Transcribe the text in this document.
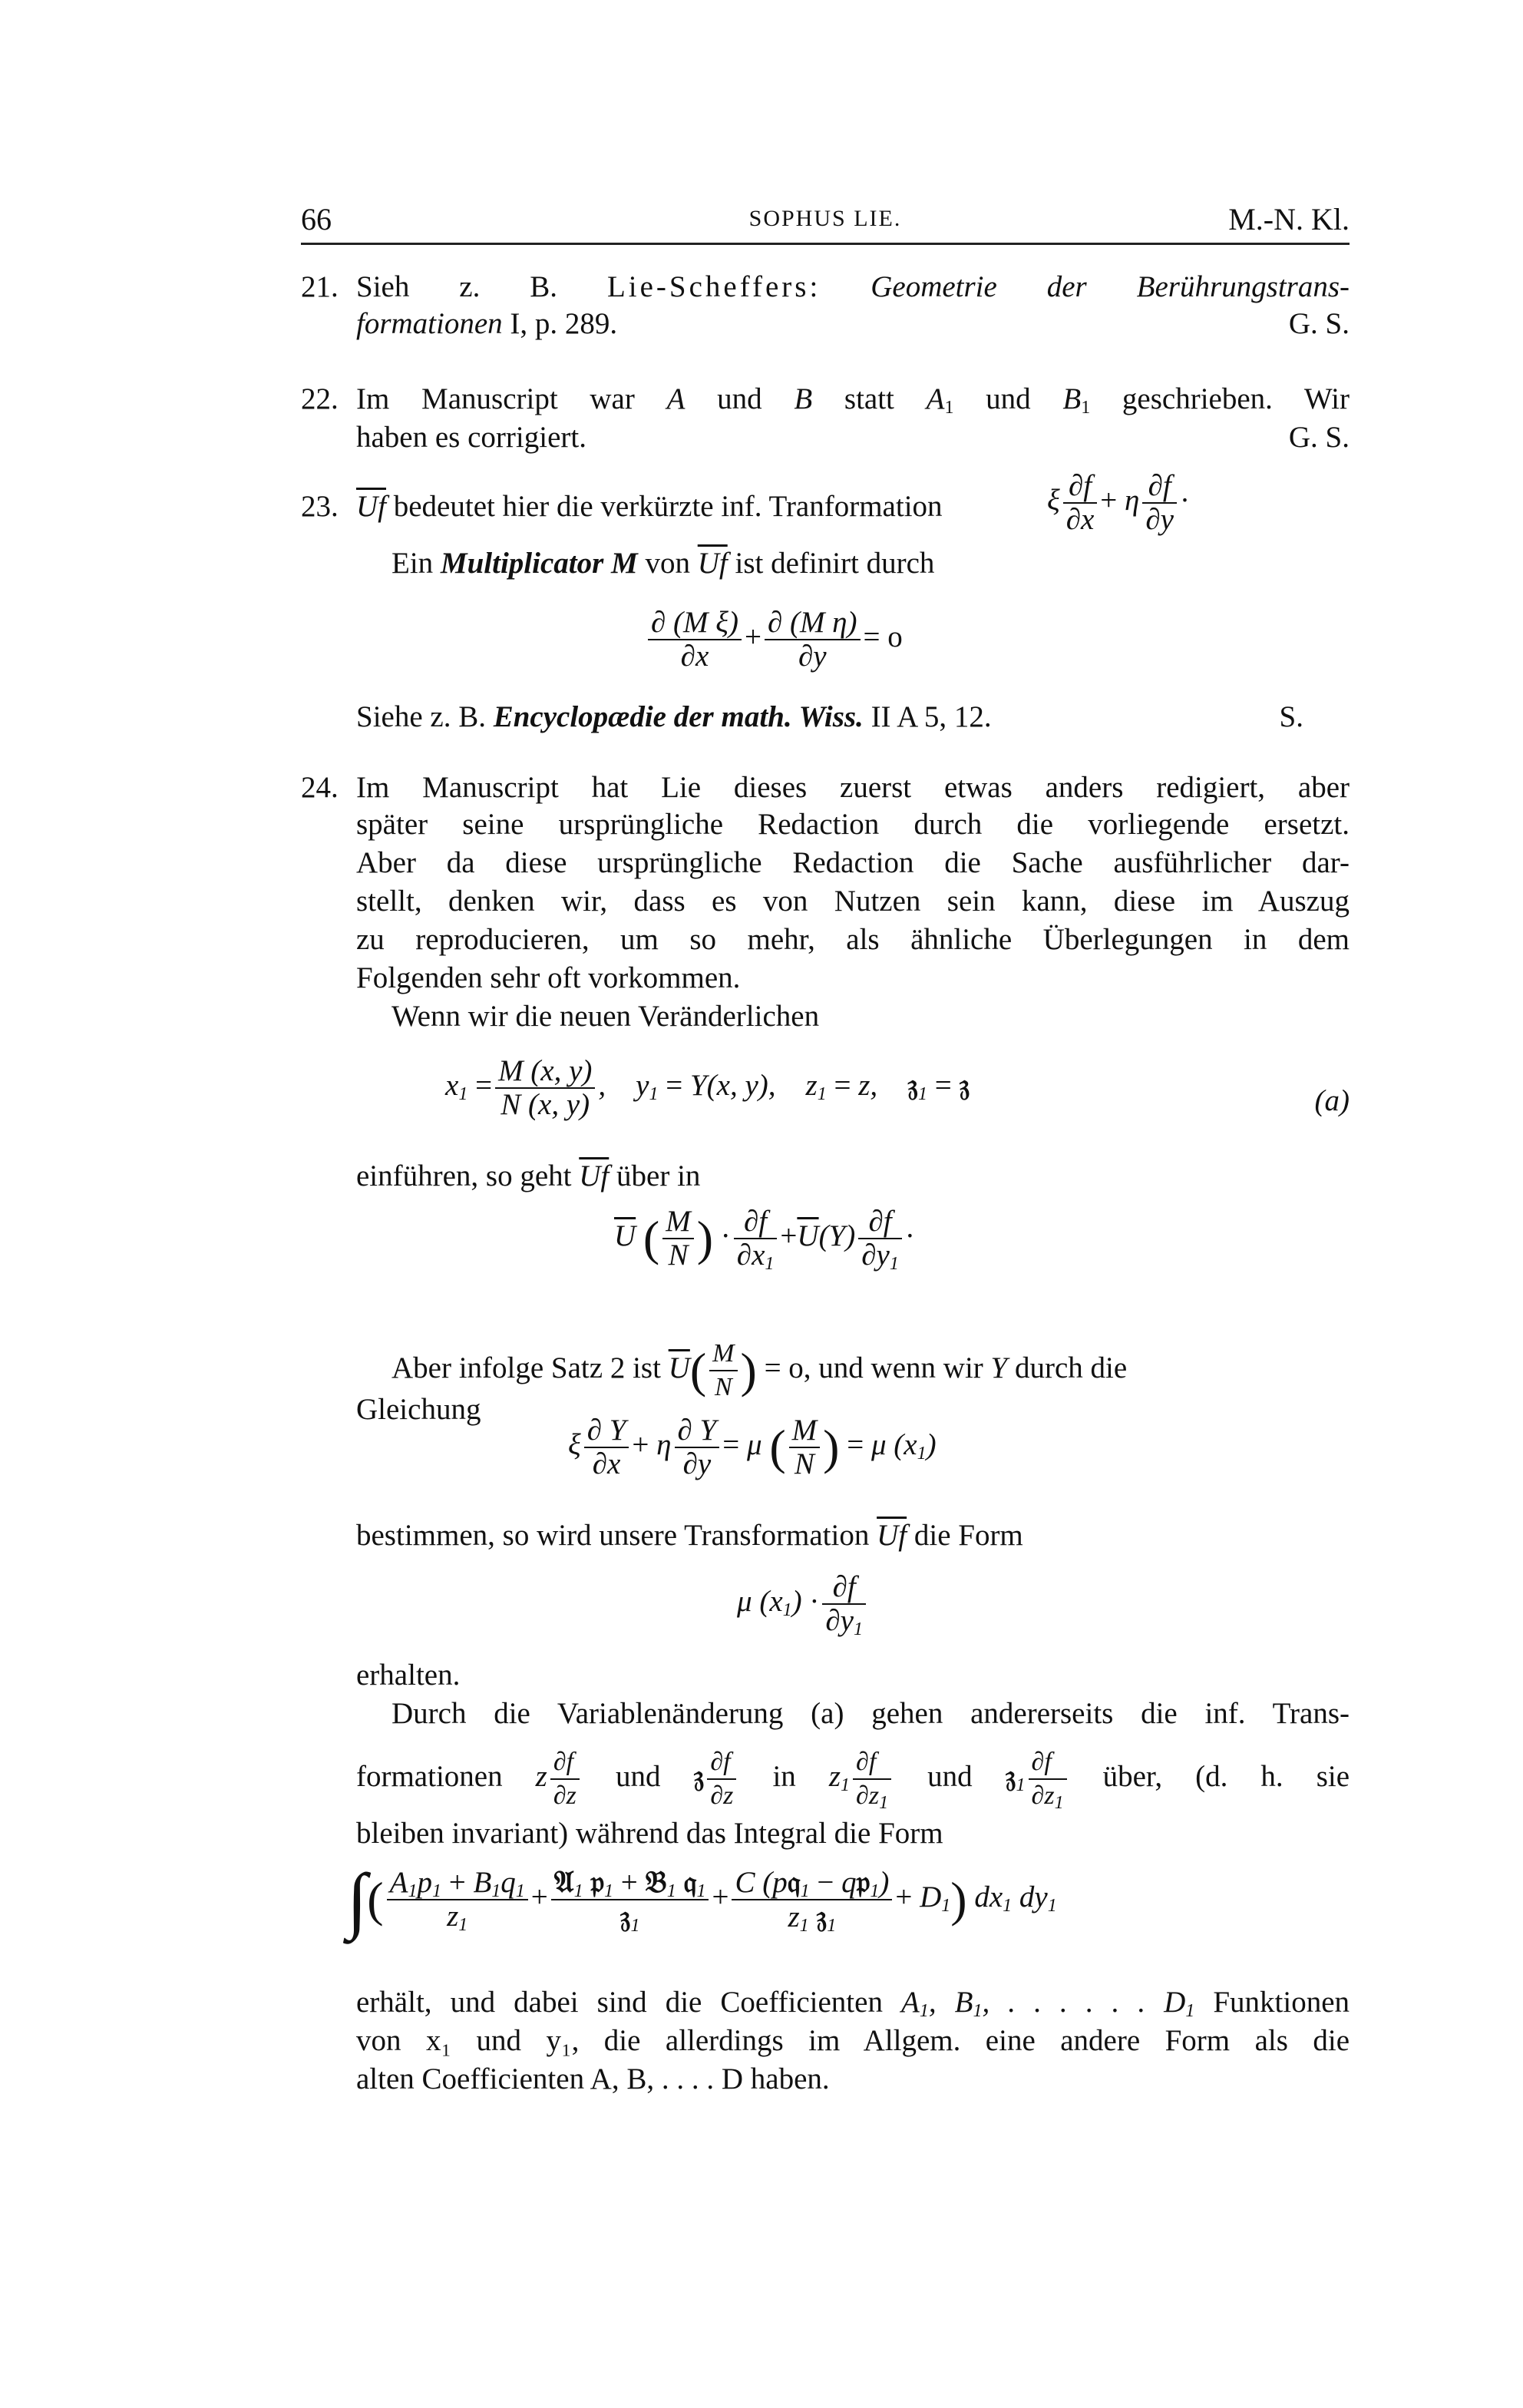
66	SOPHUS LIE.	M.-N. Kl.
21. Sieh z. B. Lie-Scheffers: Geometrie der Berührungstrans-
formationen I, p. 289.	G. S.
22. Im Manuscript war A und B statt $A_1$ und $B_1$ geschrieben. Wir
haben es corrigiert.	G. S.
23. $\overline{Uf}$ bedeutet hier die verkürzte inf. Tranformation	ξ $\frac{\partial f}{\partial x} + \eta \frac{\partial f}{\partial y}$ ·
Ein Multiplicator M von $\overline{Uf}$ ist definirt durch
$\frac{\text{∂ (M ξ)}}{\partial x} + \frac{\text{∂ (M η)}}{\partial y} = o$
Siehe z. B. Encyclopædie der math. Wiss. II A 5, 12.	S.
24. Im Manuscript hat Lie dieses zuerst etwas anders redigiert, aber
später seine ursprüngliche Redaction durch die vorliegende ersetzt.
Aber da diese ursprüngliche Redaction die Sache ausführlicher dar-
stellt, denken wir, dass es von Nutzen sein kann, diese im Auszug
zu reproducieren, um so mehr, als ähnliche Überlegungen in dem
Folgenden sehr oft vorkommen.
Wenn wir die neuen Veränderlichen
$x_1 = \frac{M (x, y)}{N (x, y)}$ ,    $y_1 = Y(x$, y),    $z_1 = z$,    𝔷$_1$ = 𝔷	(a)
einführen, so geht $\overline{Uf}$ über in
$\overline{U}$ ( $\frac{M}{N}$ ) · $\frac{\partial f}{\partial x_1} +\overline{U}(Y) \frac{\partial f}{\partial y_1}$ ·
Aber infolge Satz 2 ist $\overline{U}( \frac{M}{N}$ ) = o, und wenn wir Y durch die
Gleichung
ξ $\frac{\partial Y}{\partial x} + \eta \frac{\partial Y}{\partial y} = \mu$ ( $\frac{M}{N}$ ) = μ $(x_1)$
bestimmen, so wird unsere Transformation $\overline{Uf}$ die Form
μ $(x_1) \cdot \frac{\partial f}{\partial y_1}$
erhalten.
Durch die Variablenänderung (a) gehen andererseits die inf. Trans-
formationen z $\frac{\partial f}{\partial z}$ und 𝔷 $\frac{\partial f}{\partial z}$ in $z_1 \frac{\partial f}{\partial z_1}$ und 𝔷$_1$ $\frac{\partial f}{\partial z_1}$ über, (d. h. sie
bleiben invariant) während das Integral die Form
∫( $\frac{A_1p_1 + B_1q_1}{z_1} + \frac{𝔄_1 𝔭_1 + 𝔅_1 𝔮_1}{𝔷_1} + \frac{C (p𝔮_1 - q𝔭_1)}{z_1 𝔷_1} + D_1$) $dx_1$ $dy_1$
erhält, und dabei sind die Coefficienten $A_1$, $B_1$, . . . . . . $D_1$ Funktionen
von x₁ und y₁, die allerdings im Allgem. eine andere Form als die
alten Coefficienten A, B, . . . . D haben.
